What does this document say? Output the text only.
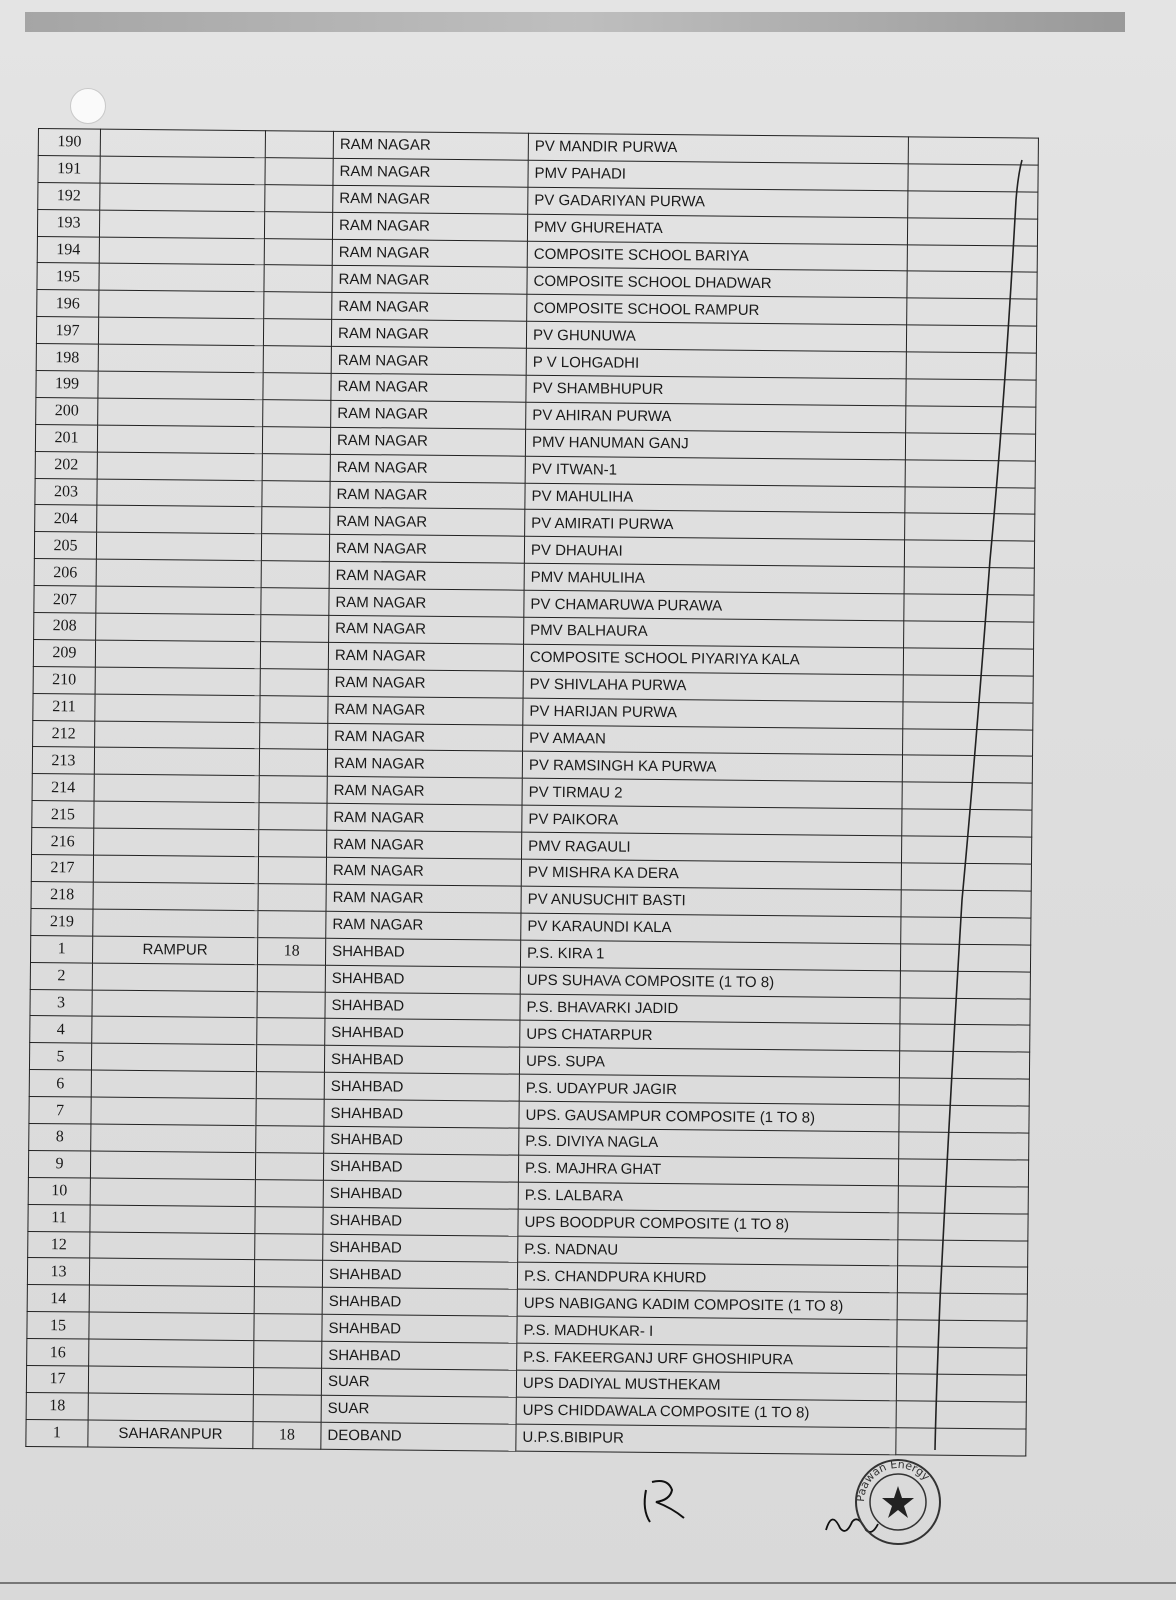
190			RAM NAGAR	PV MANDIR PURWA	
191			RAM NAGAR	PMV PAHADI	
192			RAM NAGAR	PV GADARIYAN PURWA	
193			RAM NAGAR	PMV GHUREHATA	
194			RAM NAGAR	COMPOSITE SCHOOL BARIYA	
195			RAM NAGAR	COMPOSITE SCHOOL DHADWAR	
196			RAM NAGAR	COMPOSITE SCHOOL RAMPUR	
197			RAM NAGAR	PV GHUNUWA	
198			RAM NAGAR	P V LOHGADHI	
199			RAM NAGAR	PV SHAMBHUPUR	
200			RAM NAGAR	PV AHIRAN PURWA	
201			RAM NAGAR	PMV HANUMAN GANJ	
202			RAM NAGAR	PV ITWAN-1	
203			RAM NAGAR	PV MAHULIHA	
204			RAM NAGAR	PV AMIRATI PURWA	
205			RAM NAGAR	PV DHAUHAI	
206			RAM NAGAR	PMV MAHULIHA	
207			RAM NAGAR	PV CHAMARUWA PURAWA	
208			RAM NAGAR	PMV BALHAURA	
209			RAM NAGAR	COMPOSITE SCHOOL PIYARIYA KALA	
210			RAM NAGAR	PV SHIVLAHA PURWA	
211			RAM NAGAR	PV HARIJAN PURWA	
212			RAM NAGAR	PV AMAAN	
213			RAM NAGAR	PV RAMSINGH KA PURWA	
214			RAM NAGAR	PV TIRMAU 2	
215			RAM NAGAR	PV PAIKORA	
216			RAM NAGAR	PMV RAGAULI	
217			RAM NAGAR	PV MISHRA KA DERA	
218			RAM NAGAR	PV ANUSUCHIT BASTI	
219			RAM NAGAR	PV KARAUNDI KALA	
1	RAMPUR	18	SHAHBAD	P.S. KIRA 1	
2			SHAHBAD	UPS SUHAVA COMPOSITE (1 TO 8)	
3			SHAHBAD	P.S. BHAVARKI JADID	
4			SHAHBAD	UPS CHATARPUR	
5			SHAHBAD	UPS. SUPA	
6			SHAHBAD	P.S. UDAYPUR JAGIR	
7			SHAHBAD	UPS. GAUSAMPUR COMPOSITE (1 TO 8)	
8			SHAHBAD	P.S. DIVIYA NAGLA	
9			SHAHBAD	P.S. MAJHRA GHAT	
10			SHAHBAD	P.S. LALBARA	
11			SHAHBAD	UPS BOODPUR COMPOSITE (1 TO 8)	
12			SHAHBAD	P.S. NADNAU	
13			SHAHBAD	P.S. CHANDPURA KHURD	
14			SHAHBAD	UPS NABIGANG KADIM COMPOSITE (1 TO 8)	
15			SHAHBAD	P.S. MADHUKAR- I	
16			SHAHBAD	P.S. FAKEERGANJ URF GHOSHIPURA	
17			SUAR	UPS DADIYAL MUSTHEKAM	
18			SUAR	UPS CHIDDAWALA COMPOSITE (1 TO 8)	
1	SAHARANPUR	18	DEOBAND	U.P.S.BIBIPUR	
Paawan Energy
